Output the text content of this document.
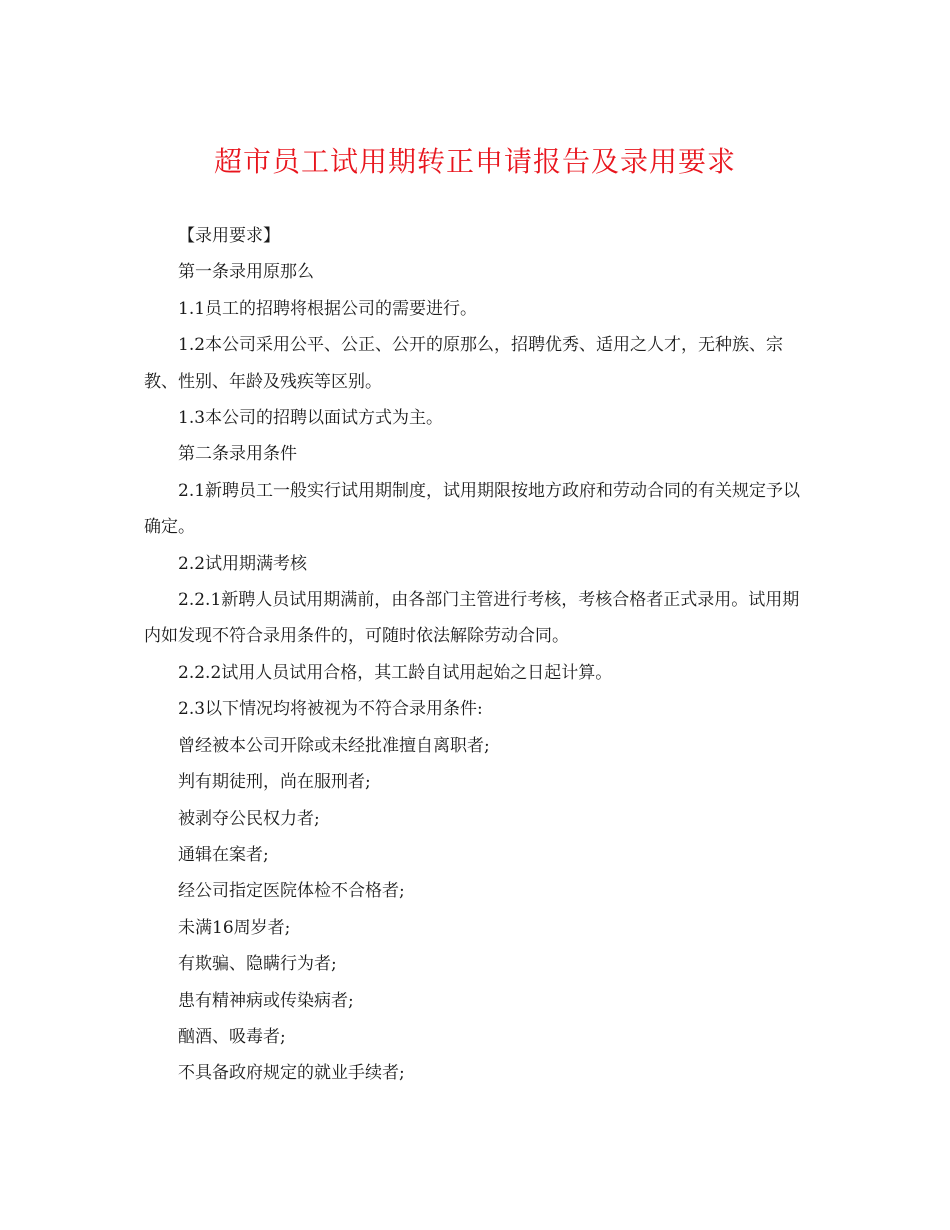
超市员工试用期转正申请报告及录用要求

【录用要求】

第一条录用原那么

1.1员工的招聘将根据公司的需要进行。

1.2本公司采用公平、公正、公开的原那么，招聘优秀、适用之人才，无种族、宗教、性别、年龄及残疾等区别。

1.3本公司的招聘以面试方式为主。

第二条录用条件

2.1新聘员工一般实行试用期制度，试用期限按地方政府和劳动合同的有关规定予以确定。

2.2试用期满考核

2.2.1新聘人员试用期满前，由各部门主管进行考核，考核合格者正式录用。试用期内如发现不符合录用条件的，可随时依法解除劳动合同。

2.2.2试用人员试用合格，其工龄自试用起始之日起计算。

2.3以下情况均将被视为不符合录用条件:

曾经被本公司开除或未经批准擅自离职者;

判有期徒刑，尚在服刑者;

被剥夺公民权力者;

通辑在案者;

经公司指定医院体检不合格者;

未满16周岁者;

有欺骗、隐瞒行为者;

患有精神病或传染病者;

酗酒、吸毒者;

不具备政府规定的就业手续者;
